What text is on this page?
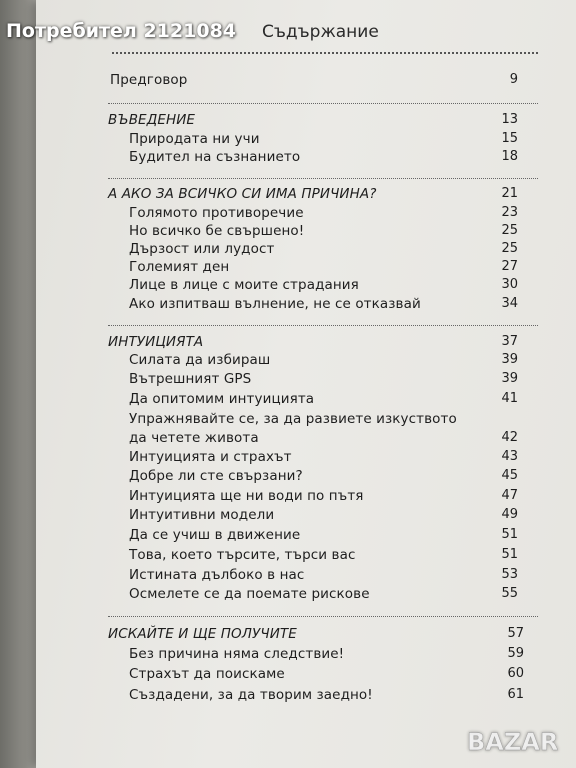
Потребител 2121084 Съдържание
Предговор	9
ВЪВЕДЕНИЕ	13
Природата ни учи	15
Будител на съзнанието	18
А АКО ЗА ВСИЧКО СИ ИМА ПРИЧИНА?	21
Голямото противоречие	23
Но всичко бе свършено!	25
Дързост или лудост	25
Големият ден	27
Лице в лице с моите страдания	30
Ако изпитваш вълнение, не се отказвай	34
ИНТУИЦИЯТА	37
Силата да избираш	39
Вътрешният GPS	39
Да опитомим интуицията	41
Упражнявайте се, за да развиете изкуството
да четете живота	42
Интуицията и страхът	43
Добре ли сте свързани?	45
Интуицията ще ни води по пътя	47
Интуитивни модели	49
Да се учиш в движение	51
Това, което търсите, търси вас	51
Истината дълбоко в нас	53
Осмелете се да поемате рискове	55
ИСКАЙТЕ И ЩЕ ПОЛУЧИТЕ	57
Без причина няма следствие!	59
Страхът да поискаме	60
Създадени, за да творим заедно!	61
BAZAR
